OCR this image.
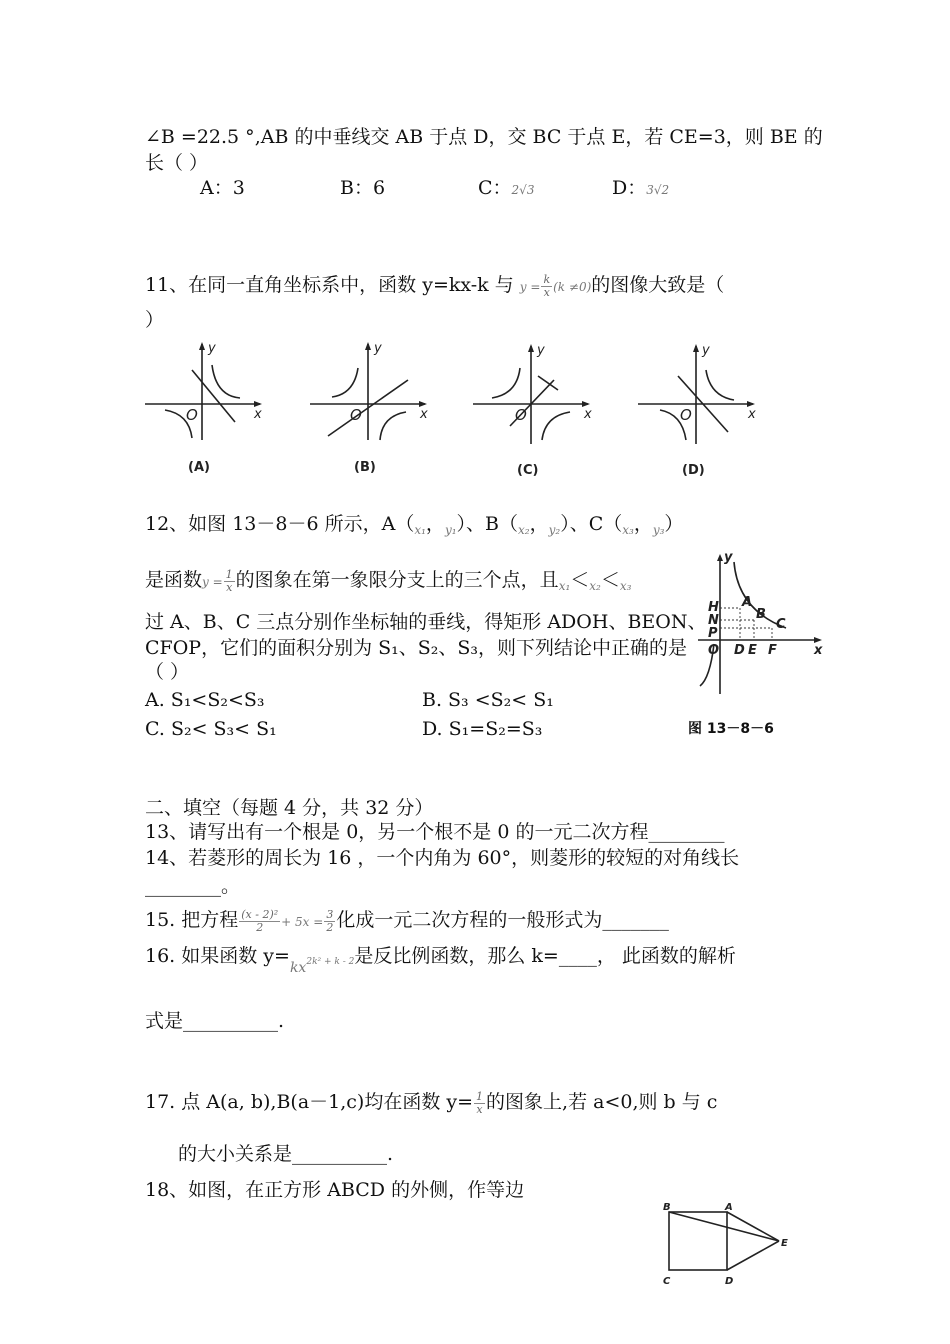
∠B =22.5 °,AB 的中垂线交 AB 于点 D，交 BC 于点 E，若 CE=3，则 BE 的
长（ ）
A：3	B：6	C：2√3	D：3√2
11、在同一直角坐标系中，函数 y=kx-k 与 $y = \frac{k}{x} (k \ne 0)$的图像大致是（
）
y
x
O
y
x
O
y
x
O
y
x
O
(A)	(B)	(C)	(D)
12、如图 13－8－6 所示，$A(_{x_1}$，$_{y_1}$）、$B(_{x_2}$，$_{y_2}$）、$C(_{x_3}$，$_{y_3}$）
是函数$y = \frac{1}{x}$ 的图象在第一象限分支上的三个点，且$_{x_1}<_{x_2}<_{x_3}$
过 A、B、C 三点分别作坐标轴的垂线，得矩形 ADOH、BEON、
CFOP，它们的面积分别为 S₁、S₂、S₃，则下列结论中正确的是
（ ）
A. S₁<S₂<S₃	B. S₃ <S₂< S₁
C. S₂< S₃< S₁	D. S₁=S₂=S₃
y
x
H
N
P
O D E F
A
B
C
图 13－8－6
二、填空（每题 4 分，共 32 分）
13、请写出有一个根是 0，另一个根不是 0 的一元二次方程________
14、若菱形的周长为 16 ，一个内角为 60°，则菱形的较短的对角线长
________。
15. 把方程 $\frac{\text{(x - 2)²}}{2} + 5x = \frac{3}{2}$ 化成一元二次方程的一般形式为_______
16. 如果函数 $y=_{kx}2k^2 + k - 2$是反比例函数，那么 k=____， 此函数的解析
式是__________.
17. 点 A(a, b),B(a－1,c)均在函数 $y= \frac{1}{x}$ 的图象上,若 a<0,则 b 与 c
的大小关系是__________.
18、如图，在正方形 ABCD 的外侧，作等边
B	A
E
C	D
